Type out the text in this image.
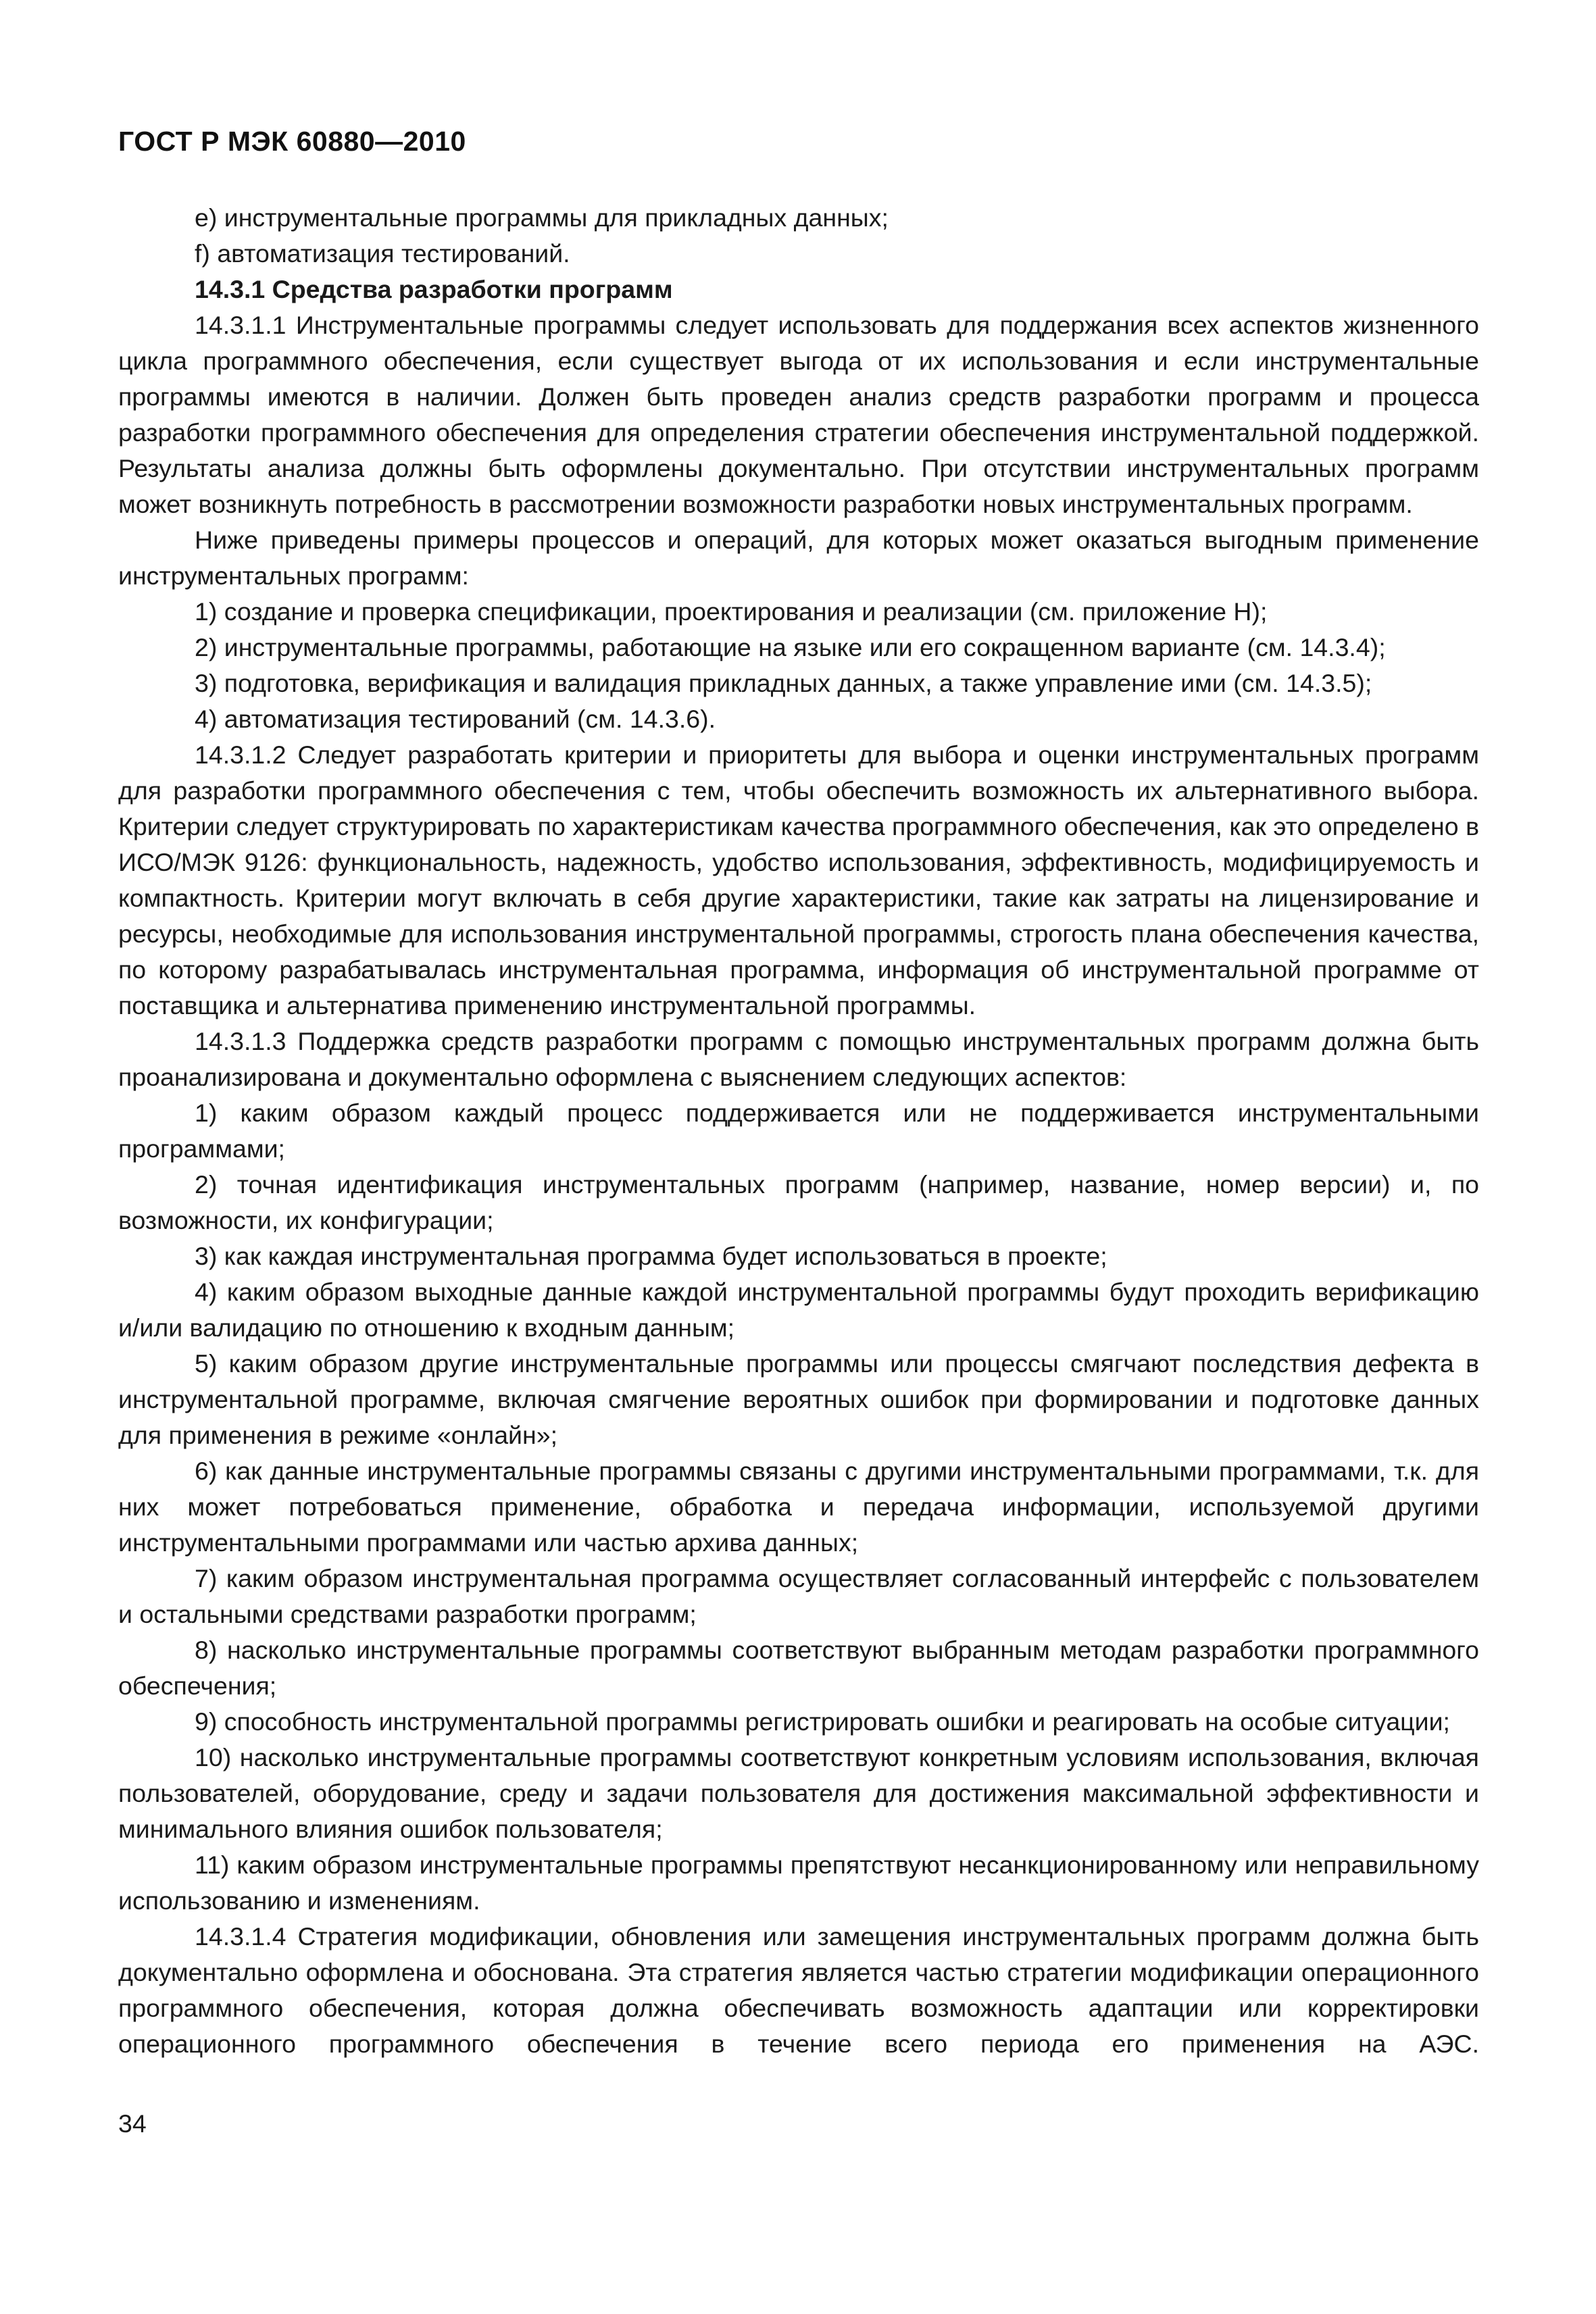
ГОСТ Р МЭК 60880—2010

е) инструментальные программы для прикладных данных;

f) автоматизация тестирований.

14.3.1 Средства разработки программ

14.3.1.1 Инструментальные программы следует использовать для поддержания всех аспектов жизненного цикла программного обеспечения, если существует выгода от их использования и если инструментальные программы имеются в наличии. Должен быть проведен анализ средств разработки программ и процесса разработки программного обеспечения для определения стратегии обеспечения инструментальной поддержкой. Результаты анализа должны быть оформлены документально. При отсутствии инструментальных программ может возникнуть потребность в рассмотрении возможности разработки новых инструментальных программ.

Ниже приведены примеры процессов и операций, для которых может оказаться выгодным применение инструментальных программ:

1) создание и проверка спецификации, проектирования и реализации (см. приложение Н);

2) инструментальные программы, работающие на языке или его сокращенном варианте (см. 14.3.4);

3) подготовка, верификация и валидация прикладных данных, а также управление ими (см. 14.3.5);

4) автоматизация тестирований (см. 14.3.6).

14.3.1.2 Следует разработать критерии и приоритеты для выбора и оценки инструментальных программ для разработки программного обеспечения с тем, чтобы обеспечить возможность их альтернативного выбора. Критерии следует структурировать по характеристикам качества программного обеспечения, как это определено в ИСО/МЭК 9126: функциональность, надежность, удобство использования, эффективность, модифицируемость и компактность. Критерии могут включать в себя другие характеристики, такие как затраты на лицензирование и ресурсы, необходимые для использования инструментальной программы, строгость плана обеспечения качества, по которому разрабатывалась инструментальная программа, информация об инструментальной программе от поставщика и альтернатива применению инструментальной программы.

14.3.1.3 Поддержка средств разработки программ с помощью инструментальных программ должна быть проанализирована и документально оформлена с выяснением следующих аспектов:

1) каким образом каждый процесс поддерживается или не поддерживается инструментальными программами;

2) точная идентификация инструментальных программ (например, название, номер версии) и, по возможности, их конфигурации;

3) как каждая инструментальная программа будет использоваться в проекте;

4) каким образом выходные данные каждой инструментальной программы будут проходить верификацию и/или валидацию по отношению к входным данным;

5) каким образом другие инструментальные программы или процессы смягчают последствия дефекта в инструментальной программе, включая смягчение вероятных ошибок при формировании и подготовке данных для применения в режиме «онлайн»;

6) как данные инструментальные программы связаны с другими инструментальными программами, т.к. для них может потребоваться применение, обработка и передача информации, используемой другими инструментальными программами или частью архива данных;

7) каким образом инструментальная программа осуществляет согласованный интерфейс с пользователем и остальными средствами разработки программ;

8) насколько инструментальные программы соответствуют выбранным методам разработки программного обеспечения;

9) способность инструментальной программы регистрировать ошибки и реагировать на особые ситуации;

10) насколько инструментальные программы соответствуют конкретным условиям использования, включая пользователей, оборудование, среду и задачи пользователя для достижения максимальной эффективности и минимального влияния ошибок пользователя;

11) каким образом инструментальные программы препятствуют несанкционированному или неправильному использованию и изменениям.

14.3.1.4 Стратегия модификации, обновления или замещения инструментальных программ должна быть документально оформлена и обоснована. Эта стратегия является частью стратегии модификации операционного программного обеспечения, которая должна обеспечивать возможность адаптации или корректировки операционного программного обеспечения в течение всего периода его применения на АЭС.

34
